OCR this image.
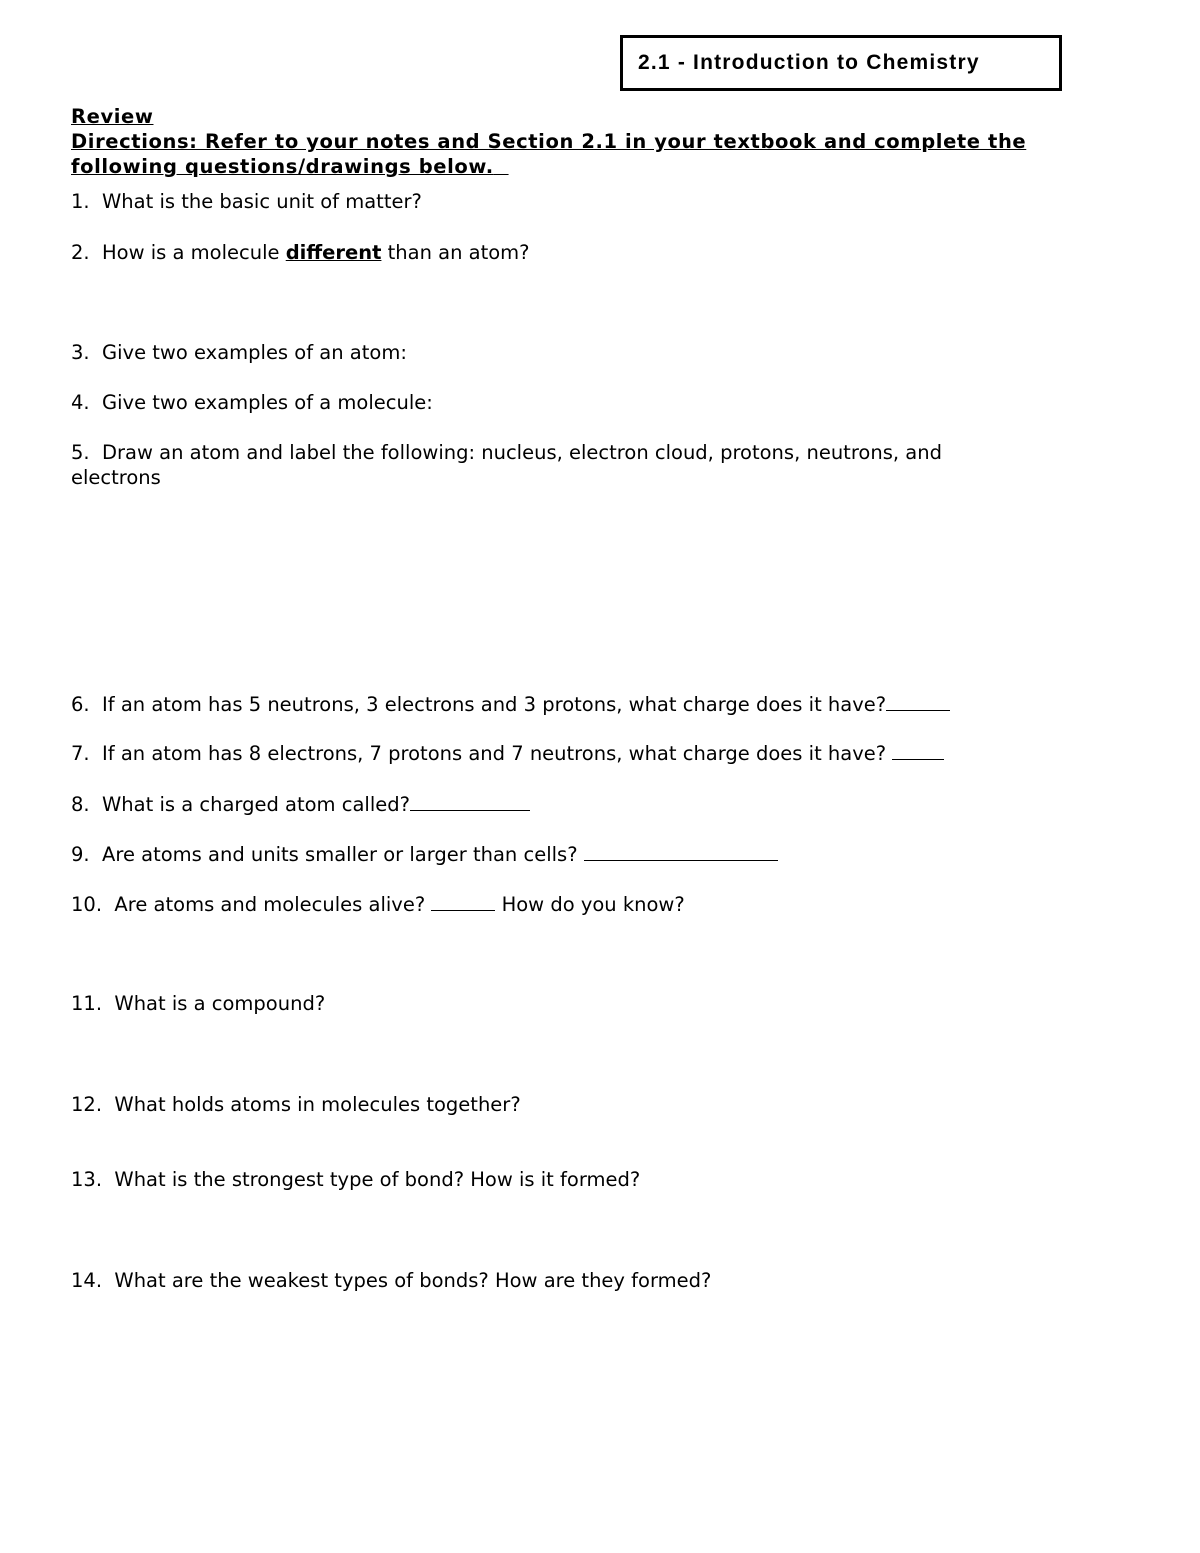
2.1 - Introduction to Chemistry
Review
Directions: Refer to your notes and Section 2.1 in your textbook and complete the
following questions/drawings below.
1. What is the basic unit of matter?
2. How is a molecule different than an atom?
3. Give two examples of an atom:
4. Give two examples of a molecule:
5. Draw an atom and label the following: nucleus, electron cloud, protons, neutrons, and
electrons
6. If an atom has 5 neutrons, 3 electrons and 3 protons, what charge does it have?
7. If an atom has 8 electrons, 7 protons and 7 neutrons, what charge does it have?
8. What is a charged atom called?
9. Are atoms and units smaller or larger than cells?
10. Are atoms and molecules alive?	How do you know?
11. What is a compound?
12. What holds atoms in molecules together?
13. What is the strongest type of bond? How is it formed?
14. What are the weakest types of bonds? How are they formed?
